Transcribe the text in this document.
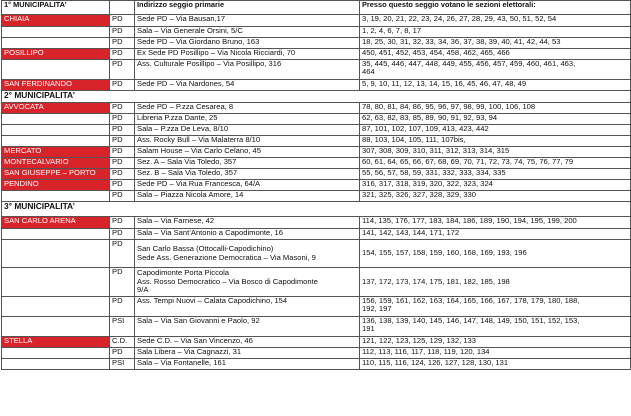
1° MUNICIPALITA’		Indirizzo seggio primarie	Presso questo seggio votano le sezioni elettorali:

CHIAIA	PD	Sede PD – Via Bausan,17	3, 19, 20, 21, 22, 23, 24, 26, 27, 28, 29, 43, 50, 51, 52, 54

	PD	Sala – Via Generale Orsini, 5/C	1, 2, 4, 6, 7, 8, 17

	PD	Sede PD – Via Giordano Bruno, 163	18, 25, 30, 31, 32, 33, 34, 36, 37, 38, 39, 40, 41, 42, 44, 53

POSILLIPO	PD	Ex Sede PD Posillipo – Via Nicola Ricciardi, 70	450, 451, 452, 453, 454, 458, 462, 465, 466

	PD	Ass. Culturale Posillipo – Via Posillipo, 316	35, 445, 446, 447, 448, 449, 455, 456, 457, 459, 460, 461, 463,
464

SAN FERDINANDO	PD	Sede PD – Via Nardones, 54	5, 9, 10, 11, 12, 13, 14, 15, 16, 45, 46, 47, 48, 49

2° MUNICIPALITA’			

AVVOCATA	PD	Sede PD – P.zza Cesarea, 8	78, 80, 81, 84, 86, 95, 96, 97, 98, 99, 100, 106, 108

	PD	Libreria P.zza Dante, 25	62, 63, 82, 83, 85, 89, 90, 91, 92, 93, 94

	PD	Sala – P.zza De Leva, 8/10	87, 101, 102, 107, 109, 413, 423, 442

	PD	Ass. Rocky Bull – Via Malaterra 8/10	88, 103, 104, 105, 111, 107bis,

MERCATO	PD	Salam House – Via Carlo Celano, 45	307, 308, 309, 310, 311, 312, 313, 314, 315

MONTECALVARIO	PD	Sez. A – Sala Via Toledo, 357	60, 61, 64, 65, 66, 67, 68, 69, 70, 71, 72, 73, 74, 75, 76, 77, 79

SAN GIUSEPPE – PORTO	PD	Sez. B – Sala Via Toledo, 357	55, 56, 57, 58, 59, 331, 332, 333, 334, 335

PENDINO	PD	Sede PD – Via Rua Francesca, 64/A	316, 317, 318, 319, 320, 322, 323, 324

	PD	Sala – Piazza Nicola Amore, 14	321, 325, 326, 327, 328, 329, 330

3° MUNICIPALITA’			

SAN CARLO ARENA	PD	Sala – Via Farnese, 42	114, 135, 176, 177, 183, 184, 186, 189, 190, 194, 195, 199, 200

	PD	Sala – Via Sant’Antonio a Capodimonte, 16	141, 142, 143, 144, 171, 172

	PD	San Carlo Bassa (Ottocalli-Capodichino)
Sede Ass. Generazione Democratica – Via Masoni, 9	154, 155, 157, 158, 159, 160, 168, 169, 193, 196

	PD	Capodimonte Porta Piccola
Ass. Rosso Democratico – Via Bosco di Capodimonte
9/A	137, 172, 173, 174, 175, 181, 182, 185, 198

	PD	Ass. Tempi Nuovi – Calata Capodichino, 154	156, 159, 161, 162, 163, 164, 165, 166, 167, 178, 179, 180, 188,
192, 197

	PSI	Sala – Via San Giovanni e Paolo, 92	136, 138, 139, 140, 145, 146, 147, 148, 149, 150, 151, 152, 153,
191

STELLA	C.D.	Sede C.D. – Via San Vincenzo, 46	121, 122, 123, 125, 129, 132, 133

	PD	Sala Libera – Via Cagnazzi, 31	112, 113, 116, 117, 118, 119, 120, 134

	PSI	Sala – Via Fontanelle, 161	110, 115, 116, 124, 126, 127, 128, 130, 131
